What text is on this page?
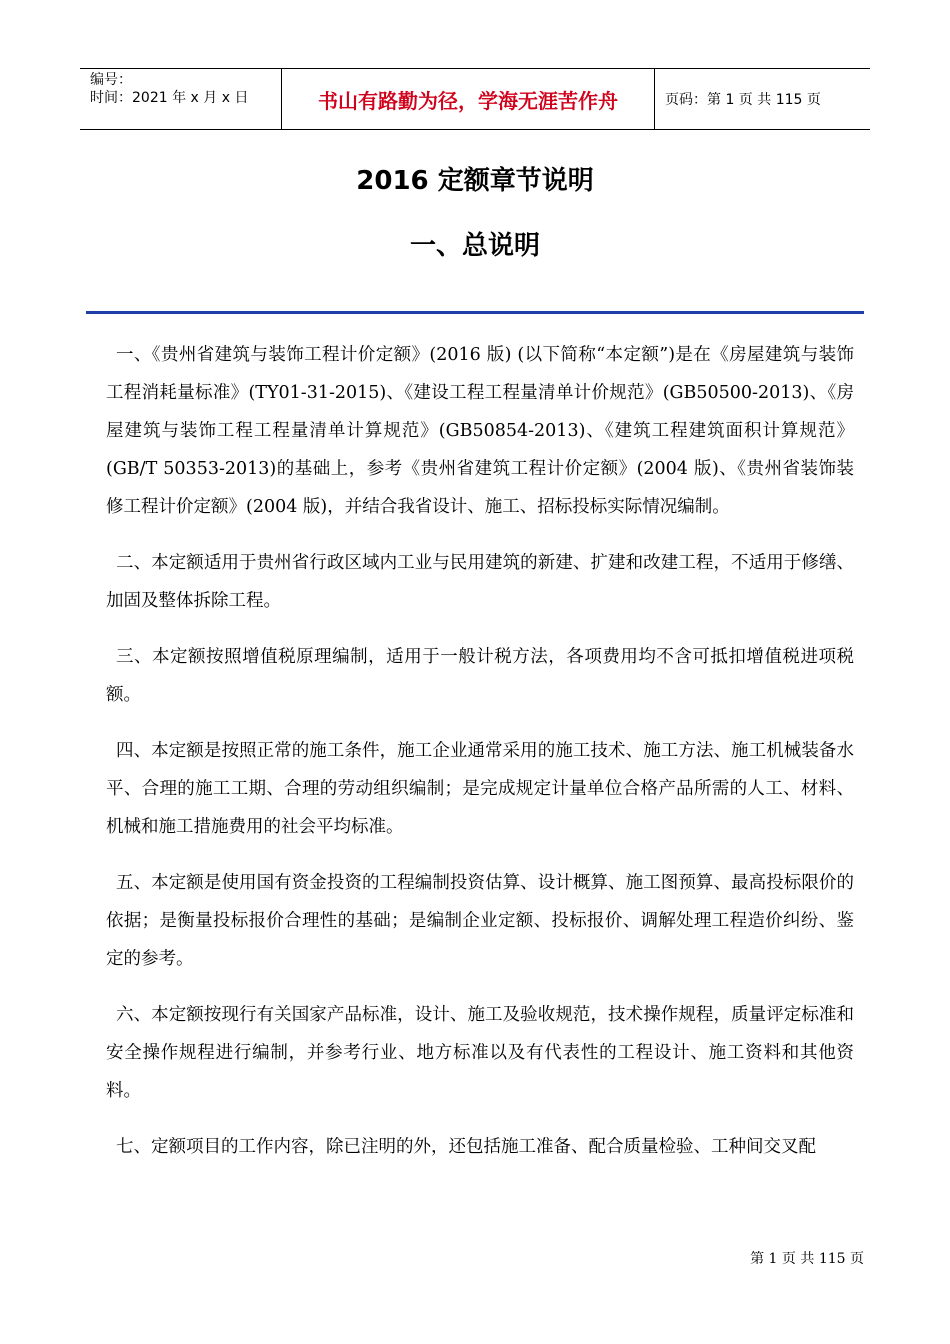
编号：
时间：2021 年 x 月 x 日	书山有路勤为径，学海无涯苦作舟	页码：第 1 页 共 115 页
2016 定额章节说明
一、总说明

一、《贵州省建筑与装饰工程计价定额》(2016 版) (以下简称“本定额”)是在《房屋建筑与装饰工程消耗量标准》(TY01-31-2015)、《建设工程工程量清单计价规范》(GB50500-2013)、《房屋建筑与装饰工程工程量清单计算规范》(GB50854-2013)、《建筑工程建筑面积计算规范》(GB/T 50353-2013)的基础上，参考《贵州省建筑工程计价定额》(2004 版)、《贵州省装饰装修工程计价定额》(2004 版)，并结合我省设计、施工、招标投标实际情况编制。

二、本定额适用于贵州省行政区域内工业与民用建筑的新建、扩建和改建工程，不适用于修缮、加固及整体拆除工程。

三、本定额按照增值税原理编制，适用于一般计税方法，各项费用均不含可抵扣增值税进项税额。

四、本定额是按照正常的施工条件，施工企业通常采用的施工技术、施工方法、施工机械装备水平、合理的施工工期、合理的劳动组织编制；是完成规定计量单位合格产品所需的人工、材料、机械和施工措施费用的社会平均标准。

五、本定额是使用国有资金投资的工程编制投资估算、设计概算、施工图预算、最高投标限价的依据；是衡量投标报价合理性的基础；是编制企业定额、投标报价、调解处理工程造价纠纷、鉴定的参考。

六、本定额按现行有关国家产品标准，设计、施工及验收规范，技术操作规程，质量评定标准和安全操作规程进行编制，并参考行业、地方标准以及有代表性的工程设计、施工资料和其他资料。

七、定额项目的工作内容，除已注明的外，还包括施工准备、配合质量检验、工种间交叉配

第 1 页 共 115 页
